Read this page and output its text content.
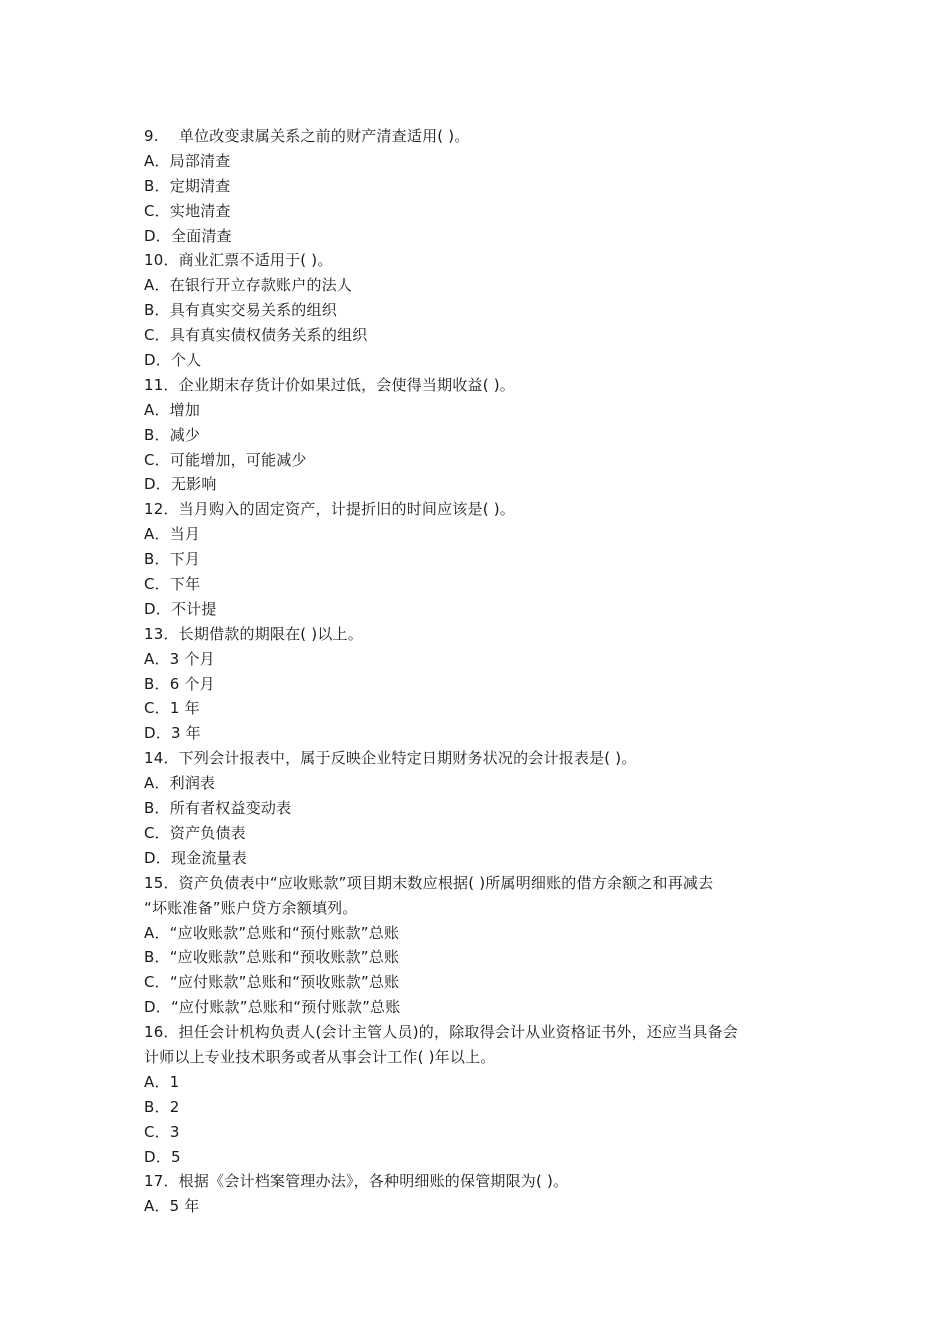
9.　 单位改变隶属关系之前的财产清查适用( )。
A．局部清查
B．定期清查
C．实地清查
D．全面清查
10．商业汇票不适用于( )。
A．在银行开立存款账户的法人
B．具有真实交易关系的组织
C．具有真实债权债务关系的组织
D．个人
11．企业期末存货计价如果过低，会使得当期收益( )。
A．增加
B．减少
C．可能增加，可能减少
D．无影响
12．当月购入的固定资产，计提折旧的时间应该是( )。
A．当月
B．下月
C．下年
D．不计提
13．长期借款的期限在( )以上。
A．3 个月
B．6 个月
C．1 年
D．3 年
14．下列会计报表中，属于反映企业特定日期财务状况的会计报表是( )。
A．利润表
B．所有者权益变动表
C．资产负债表
D．现金流量表
15．资产负债表中“应收账款”项目期末数应根据( )所属明细账的借方余额之和再减去
“坏账准备”账户贷方余额填列。
A．“应收账款”总账和“预付账款”总账
B．“应收账款”总账和“预收账款”总账
C．“应付账款”总账和“预收账款”总账
D．“应付账款”总账和“预付账款”总账
16．担任会计机构负责人(会计主管人员)的，除取得会计从业资格证书外，还应当具备会
计师以上专业技术职务或者从事会计工作( )年以上。
A．1
B．2
C．3
D．5
17．根据《会计档案管理办法》，各种明细账的保管期限为( )。
A．5 年
